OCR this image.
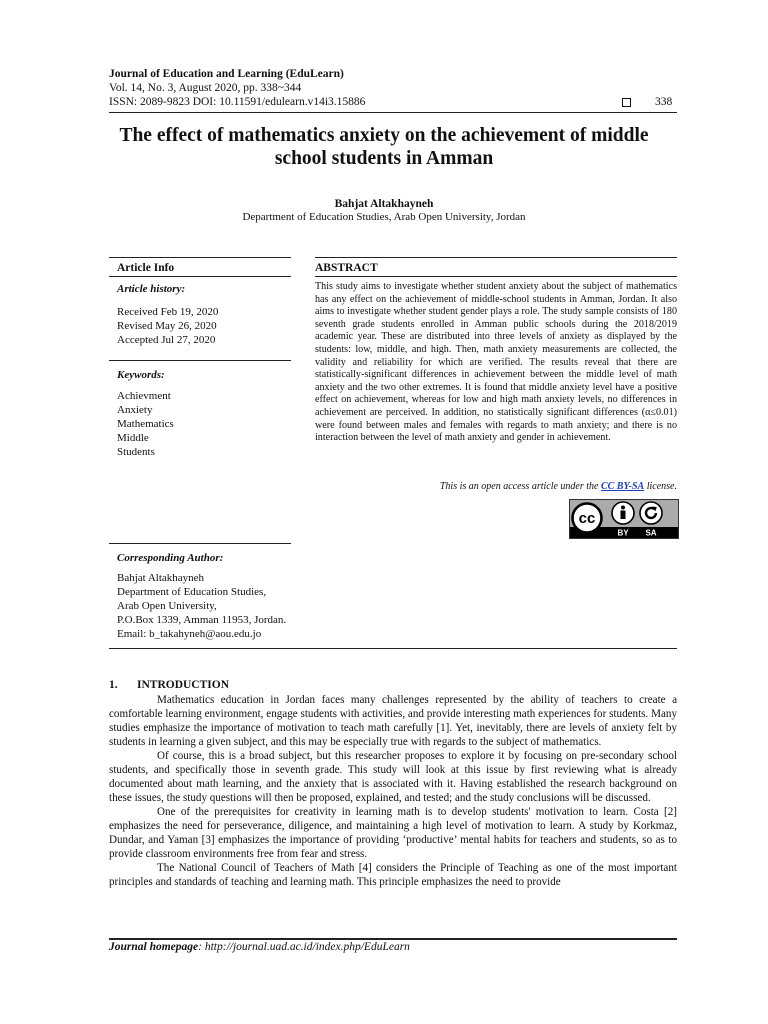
Journal of Education and Learning (EduLearn)
Vol. 14, No. 3, August 2020, pp. 338~344
ISSN: 2089-9823 DOI: 10.11591/edulearn.v14i3.15886	338
The effect of mathematics anxiety on the achievement of middle school students in Amman
Bahjat Altakhayneh
Department of Education Studies, Arab Open University, Jordan
Article Info
Article history:
Received Feb 19, 2020
Revised May 26, 2020
Accepted Jul 27, 2020
Keywords:
Achievment
Anxiety
Mathematics
Middle
Students
ABSTRACT

This study aims to investigate whether student anxiety about the subject of mathematics has any effect on the achievement of middle-school students in Amman, Jordan. It also aims to investigate whether student gender plays a role. The study sample consists of 180 seventh grade students enrolled in Amman public schools during the 2018/2019 academic year. These are distributed into three levels of anxiety as displayed by the students: low, middle, and high. Then, math anxiety measurements are collected, the validity and reliability for which are verified. The results reveal that there are statistically-significant differences in achievement between the middle level of math anxiety and the two other extremes. It is found that middle anxiety level have a positive effect on achievement, whereas for low and high math anxiety levels, no differences in achievement are perceived. In addition, no statistically significant differences (α≤0.01) were found between males and females with regards to math anxiety; and there is no interaction between the level of math anxiety and gender in achievement.

This is an open access article under the CC BY-SA license.
cc
BY SA
Corresponding Author:
Bahjat Altakhayneh
Department of Education Studies,
Arab Open University,
P.O.Box 1339, Amman 11953, Jordan.
Email: b_takahyneh@aou.edu.jo
1. INTRODUCTION

Mathematics education in Jordan faces many challenges represented by the ability of teachers to create a comfortable learning environment, engage students with activities, and provide interesting math experiences for students. Many studies emphasize the importance of motivation to teach math carefully [1]. Yet, inevitably, there are levels of anxiety felt by students in learning a given subject, and this may be especially true with regards to the subject of mathematics.

Of course, this is a broad subject, but this researcher proposes to explore it by focusing on pre-secondary school students, and specifically those in seventh grade. This study will look at this issue by first reviewing what is already documented about math learning, and the anxiety that is associated with it. Having established the research background on these issues, the study questions will then be proposed, explained, and tested; and the study conclusions will be discussed.

One of the prerequisites for creativity in learning math is to develop students' motivation to learn. Costa [2] emphasizes the need for perseverance, diligence, and maintaining a high level of motivation to learn. A study by Korkmaz, Dundar, and Yaman [3] emphasizes the importance of providing ‘productive’ mental habits for teachers and students, so as to provide classroom environments free from fear and stress.

The National Council of Teachers of Math [4] considers the Principle of Teaching as one of the most important principles and standards of teaching and learning math. This principle emphasizes the need to provide

Journal homepage: http://journal.uad.ac.id/index.php/EduLearn
